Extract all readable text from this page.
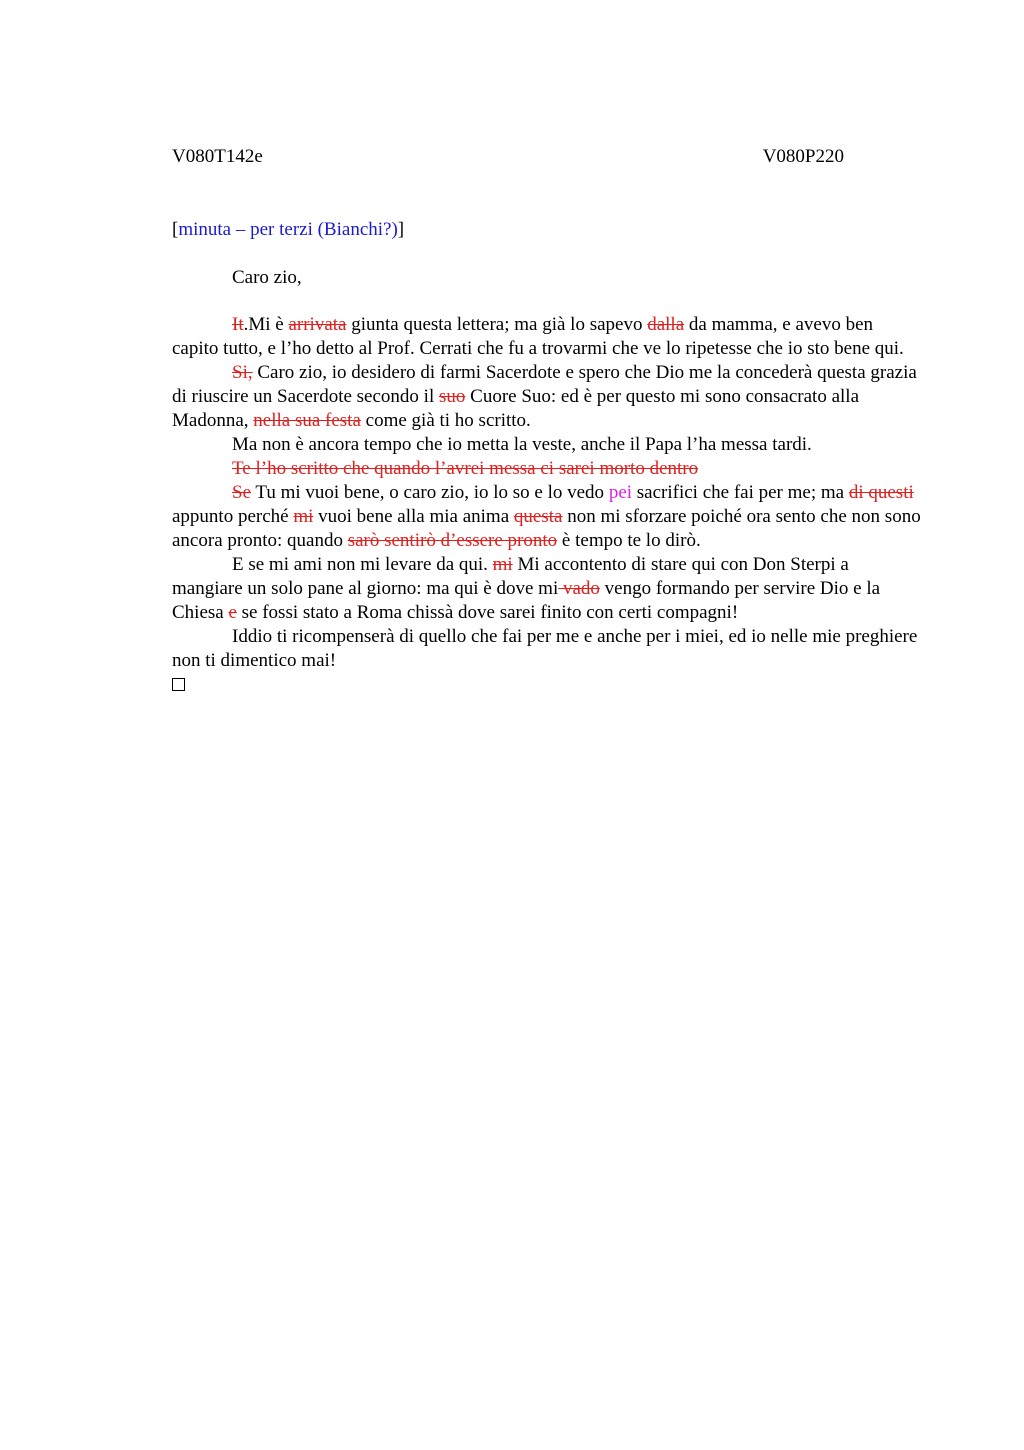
V080T142e	V080P220
[minuta – per terzi (Bianchi?)]
Caro zio,

It.Mi è arrivata giunta questa lettera; ma già lo sapevo dalla da mamma, e avevo ben capito tutto, e l’ho detto al Prof. Cerrati che fu a trovarmi che ve lo ripetesse che io sto bene qui.

Si, Caro zio, io desidero di farmi Sacerdote e spero che Dio me la concederà questa grazia di riuscire un Sacerdote secondo il suo Cuore Suo: ed è per questo mi sono consacrato alla Madonna, nella sua festa come già ti ho scritto.

Ma non è ancora tempo che io metta la veste, anche il Papa l’ha messa tardi.

Te l’ho scritto che quando l’avrei messa ci sarei morto dentro

Se Tu mi vuoi bene, o caro zio, io lo so e lo vedo pei sacrifici che fai per me; ma di questi appunto perché mi vuoi bene alla mia anima questa non mi sforzare poiché ora sento che non sono ancora pronto: quando sarò sentirò d’essere pronto è tempo te lo dirò.

E se mi ami non mi levare da qui. mi Mi accontento di stare qui con Don Sterpi a mangiare un solo pane al giorno: ma qui è dove mi vado vengo formando per servire Dio e la Chiesa e se fossi stato a Roma chissà dove sarei finito con certi compagni!

Iddio ti ricompenserà di quello che fai per me e anche per i miei, ed io nelle mie preghiere non ti dimentico mai!
